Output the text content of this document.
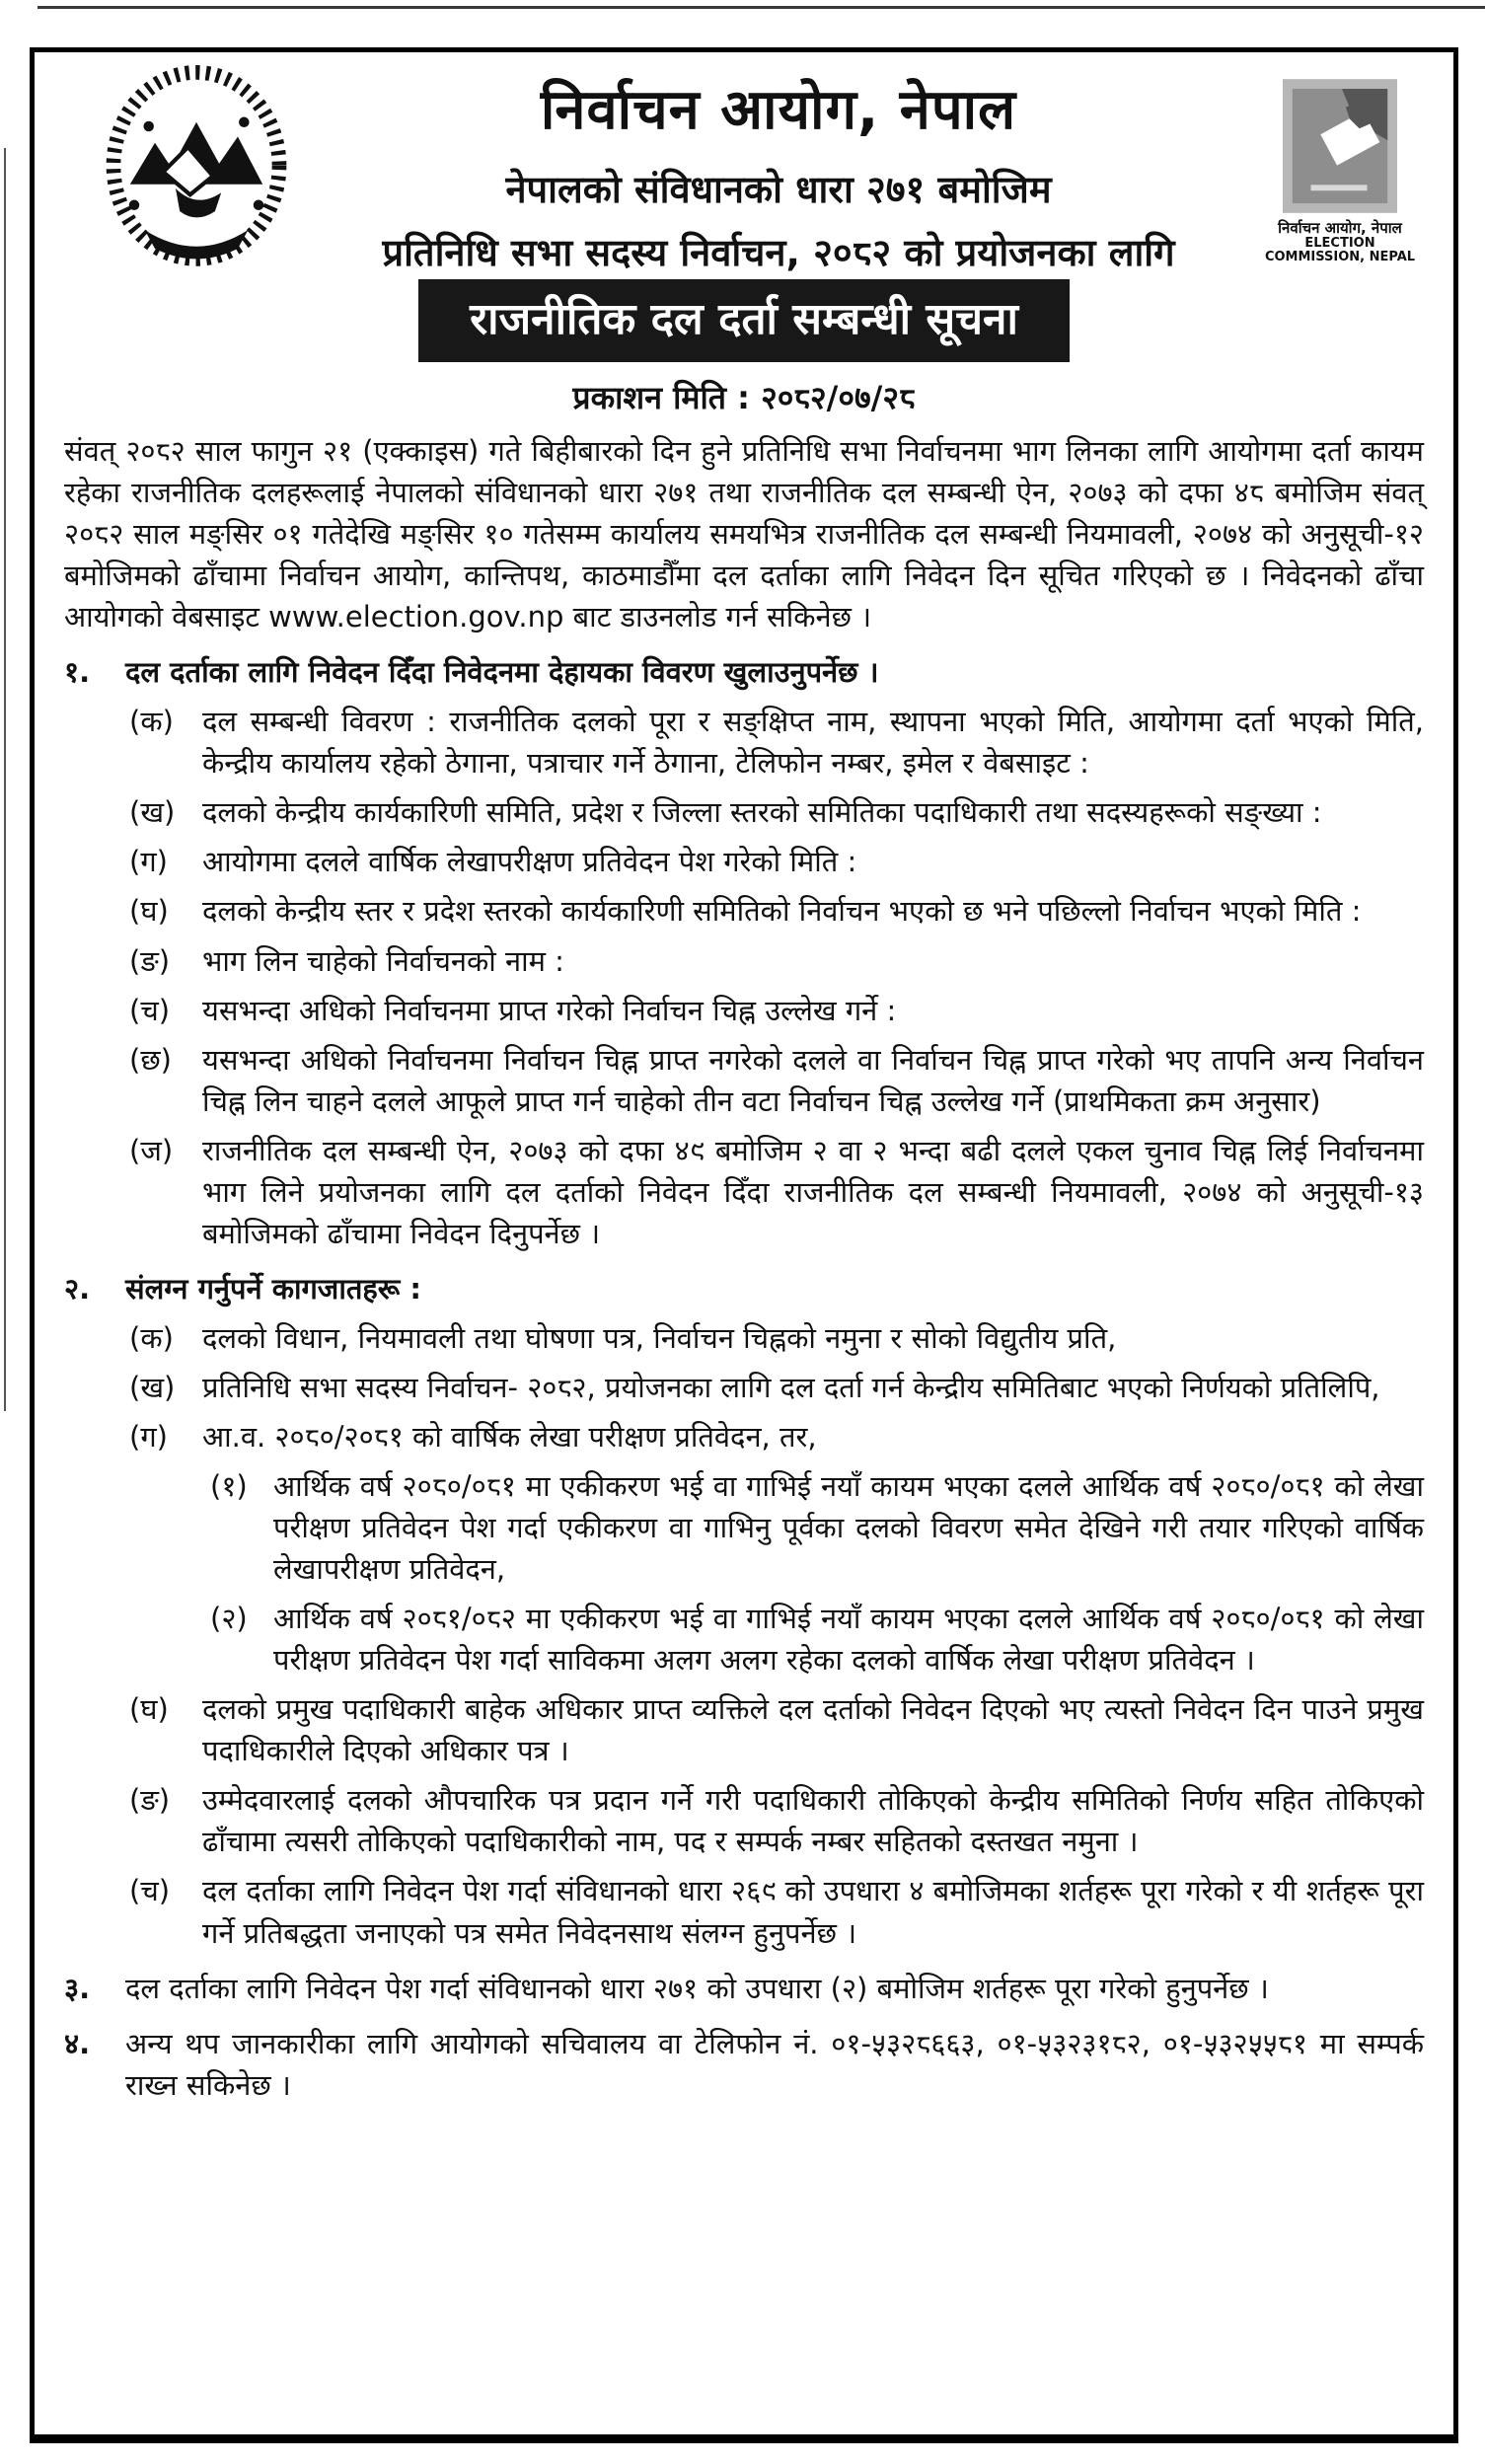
निर्वाचन आयोग, नेपाल
नेपालको संविधानको धारा २७१ बमोजिम
प्रतिनिधि सभा सदस्य निर्वाचन, २०८२ को प्रयोजनका लागि
निर्वाचन आयोग, नेपाल
ELECTION COMMISSION, NEPAL
राजनीतिक दल दर्ता सम्बन्धी सूचना
प्रकाशन मिति : २०८२/०७/२८
संवत् २०८२ साल फागुन २१ (एक्काइस) गते बिहीबारको दिन हुने प्रतिनिधि सभा निर्वाचनमा भाग लिनका लागि आयोगमा दर्ता कायम रहेका राजनीतिक दलहरूलाई नेपालको संविधानको धारा २७१ तथा राजनीतिक दल सम्बन्धी ऐन, २०७३ को दफा ४८ बमोजिम संवत् २०८२ साल मङ्सिर ०१ गतेदेखि मङ्सिर १० गतेसम्म कार्यालय समयभित्र राजनीतिक दल सम्बन्धी नियमावली, २०७४ को अनुसूची-१२ बमोजिमको ढाँचामा निर्वाचन आयोग, कान्तिपथ, काठमाडौँमा दल दर्ताका लागि निवेदन दिन सूचित गरिएको छ । निवेदनको ढाँचा आयोगको वेबसाइट www.election.gov.np बाट डाउनलोड गर्न सकिनेछ ।
१.	दल दर्ताका लागि निवेदन दिँदा निवेदनमा देहायका विवरण खुलाउनुपर्नेछ ।
(क)	दल सम्बन्धी विवरण : राजनीतिक दलको पूरा र सङ्क्षिप्त नाम, स्थापना भएको मिति, आयोगमा दर्ता भएको मिति, केन्द्रीय कार्यालय रहेको ठेगाना, पत्राचार गर्ने ठेगाना, टेलिफोन नम्बर, इमेल र वेबसाइट :
(ख) दलको केन्द्रीय कार्यकारिणी समिति, प्रदेश र जिल्ला स्तरको समितिका पदाधिकारी तथा सदस्यहरूको सङ्ख्या :
(ग)	आयोगमा दलले वार्षिक लेखापरीक्षण प्रतिवेदन पेश गरेको मिति :
(घ)	दलको केन्द्रीय स्तर र प्रदेश स्तरको कार्यकारिणी समितिको निर्वाचन भएको छ भने पछिल्लो निर्वाचन भएको मिति :
(ङ)	भाग लिन चाहेको निर्वाचनको नाम :
(च)	यसभन्दा अधिको निर्वाचनमा प्राप्त गरेको निर्वाचन चिह्न उल्लेख गर्ने :
(छ)	यसभन्दा अधिको निर्वाचनमा निर्वाचन चिह्न प्राप्त नगरेको दलले वा निर्वाचन चिह्न प्राप्त गरेको भए तापनि अन्य निर्वाचन चिह्न लिन चाहने दलले आफूले प्राप्त गर्न चाहेको तीन वटा निर्वाचन चिह्न उल्लेख गर्ने (प्राथमिकता क्रम अनुसार)
(ज)	राजनीतिक दल सम्बन्धी ऐन, २०७३ को दफा ४९ बमोजिम २ वा २ भन्दा बढी दलले एकल चुनाव चिह्न लिई निर्वाचनमा भाग लिने प्रयोजनका लागि दल दर्ताको निवेदन दिँदा राजनीतिक दल सम्बन्धी नियमावली, २०७४ को अनुसूची-१३ बमोजिमको ढाँचामा निवेदन दिनुपर्नेछ ।
२.	संलग्न गर्नुपर्ने कागजातहरू :
(क)	दलको विधान, नियमावली तथा घोषणा पत्र, निर्वाचन चिह्नको नमुना र सोको विद्युतीय प्रति,
(ख) प्रतिनिधि सभा सदस्य निर्वाचन- २०८२, प्रयोजनका लागि दल दर्ता गर्न केन्द्रीय समितिबाट भएको निर्णयको प्रतिलिपि,
(ग)	आ.व. २०८०/२०८१ को वार्षिक लेखा परीक्षण प्रतिवेदन, तर,
(१) आर्थिक वर्ष २०८०/०८१ मा एकीकरण भई वा गाभिई नयाँ कायम भएका दलले आर्थिक वर्ष २०८०/०८१ को लेखा परीक्षण प्रतिवेदन पेश गर्दा एकीकरण वा गाभिनु पूर्वका दलको विवरण समेत देखिने गरी तयार गरिएको वार्षिक लेखापरीक्षण प्रतिवेदन,
(२) आर्थिक वर्ष २०८१/०८२ मा एकीकरण भई वा गाभिई नयाँ कायम भएका दलले आर्थिक वर्ष २०८०/०८१ को लेखा परीक्षण प्रतिवेदन पेश गर्दा साविकमा अलग अलग रहेका दलको वार्षिक लेखा परीक्षण प्रतिवेदन ।
(घ)	दलको प्रमुख पदाधिकारी बाहेक अधिकार प्राप्त व्यक्तिले दल दर्ताको निवेदन दिएको भए त्यस्तो निवेदन दिन पाउने प्रमुख पदाधिकारीले दिएको अधिकार पत्र ।
(ङ)	उम्मेदवारलाई दलको औपचारिक पत्र प्रदान गर्ने गरी पदाधिकारी तोकिएको केन्द्रीय समितिको निर्णय सहित तोकिएको ढाँचामा त्यसरी तोकिएको पदाधिकारीको नाम, पद र सम्पर्क नम्बर सहितको दस्तखत नमुना ।
(च)	दल दर्ताका लागि निवेदन पेश गर्दा संविधानको धारा २६९ को उपधारा ४ बमोजिमका शर्तहरू पूरा गरेको र यी शर्तहरू पूरा गर्ने प्रतिबद्धता जनाएको पत्र समेत निवेदनसाथ संलग्न हुनुपर्नेछ ।
३.	दल दर्ताका लागि निवेदन पेश गर्दा संविधानको धारा २७१ को उपधारा (२) बमोजिम शर्तहरू पूरा गरेको हुनुपर्नेछ ।
४.	अन्य थप जानकारीका लागि आयोगको सचिवालय वा टेलिफोन नं. ०१-५३२८६६३, ०१-५३२३१८२, ०१-५३२५५८१ मा सम्पर्क राख्न सकिनेछ ।
